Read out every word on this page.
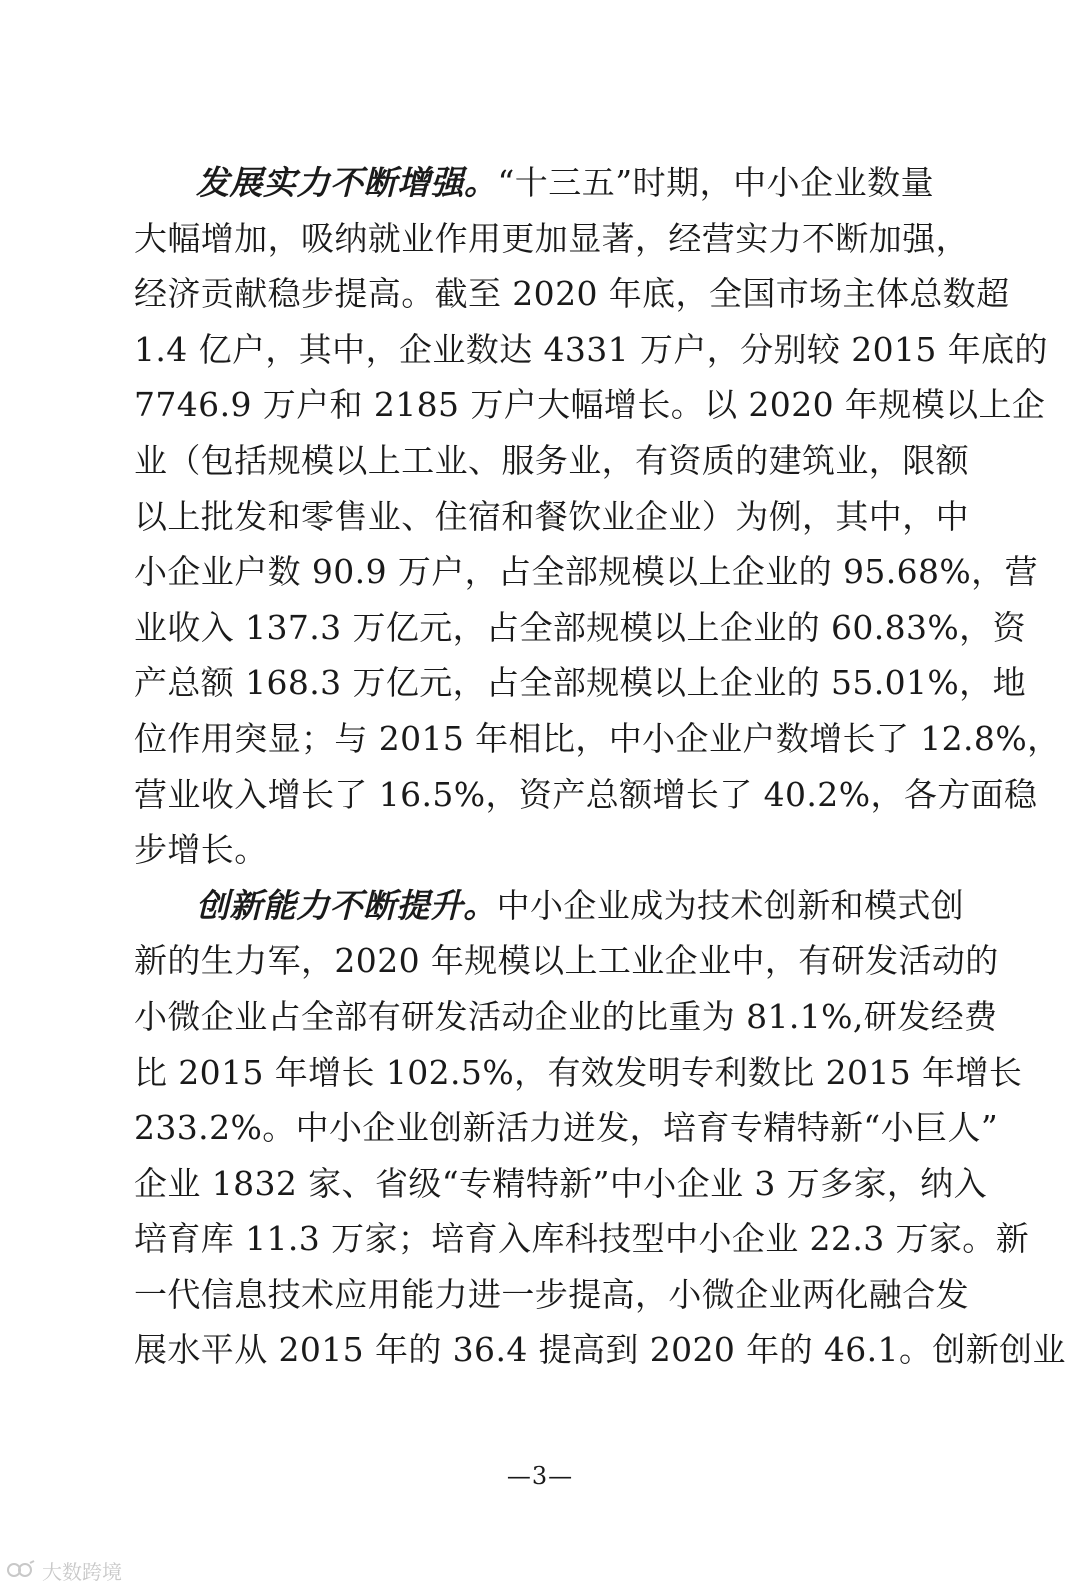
发展实力不断增强。“十三五”时期，中小企业数量
大幅增加，吸纳就业作用更加显著，经营实力不断加强，
经济贡献稳步提高。截至 2020 年底，全国市场主体总数超
1.4 亿户，其中，企业数达 4331 万户，分别较 2015 年底的
7746.9 万户和 2185 万户大幅增长。以 2020 年规模以上企
业（包括规模以上工业、服务业，有资质的建筑业，限额
以上批发和零售业、住宿和餐饮业企业）为例，其中，中
小企业户数 90.9 万户，占全部规模以上企业的 95.68%，营
业收入 137.3 万亿元，占全部规模以上企业的 60.83%，资
产总额 168.3 万亿元，占全部规模以上企业的 55.01%，地
位作用突显；与 2015 年相比，中小企业户数增长了 12.8%，
营业收入增长了 16.5%，资产总额增长了 40.2%，各方面稳
步增长。
创新能力不断提升。中小企业成为技术创新和模式创
新的生力军，2020 年规模以上工业企业中，有研发活动的
小微企业占全部有研发活动企业的比重为 81.1%,研发经费
比 2015 年增长 102.5%，有效发明专利数比 2015 年增长
233.2%。中小企业创新活力迸发，培育专精特新“小巨人”
企业 1832 家、省级“专精特新”中小企业 3 万多家，纳入
培育库 11.3 万家；培育入库科技型中小企业 22.3 万家。新
一代信息技术应用能力进一步提高，小微企业两化融合发
展水平从 2015 年的 36.4 提高到 2020 年的 46.1。创新创业
—3—
大数跨境
